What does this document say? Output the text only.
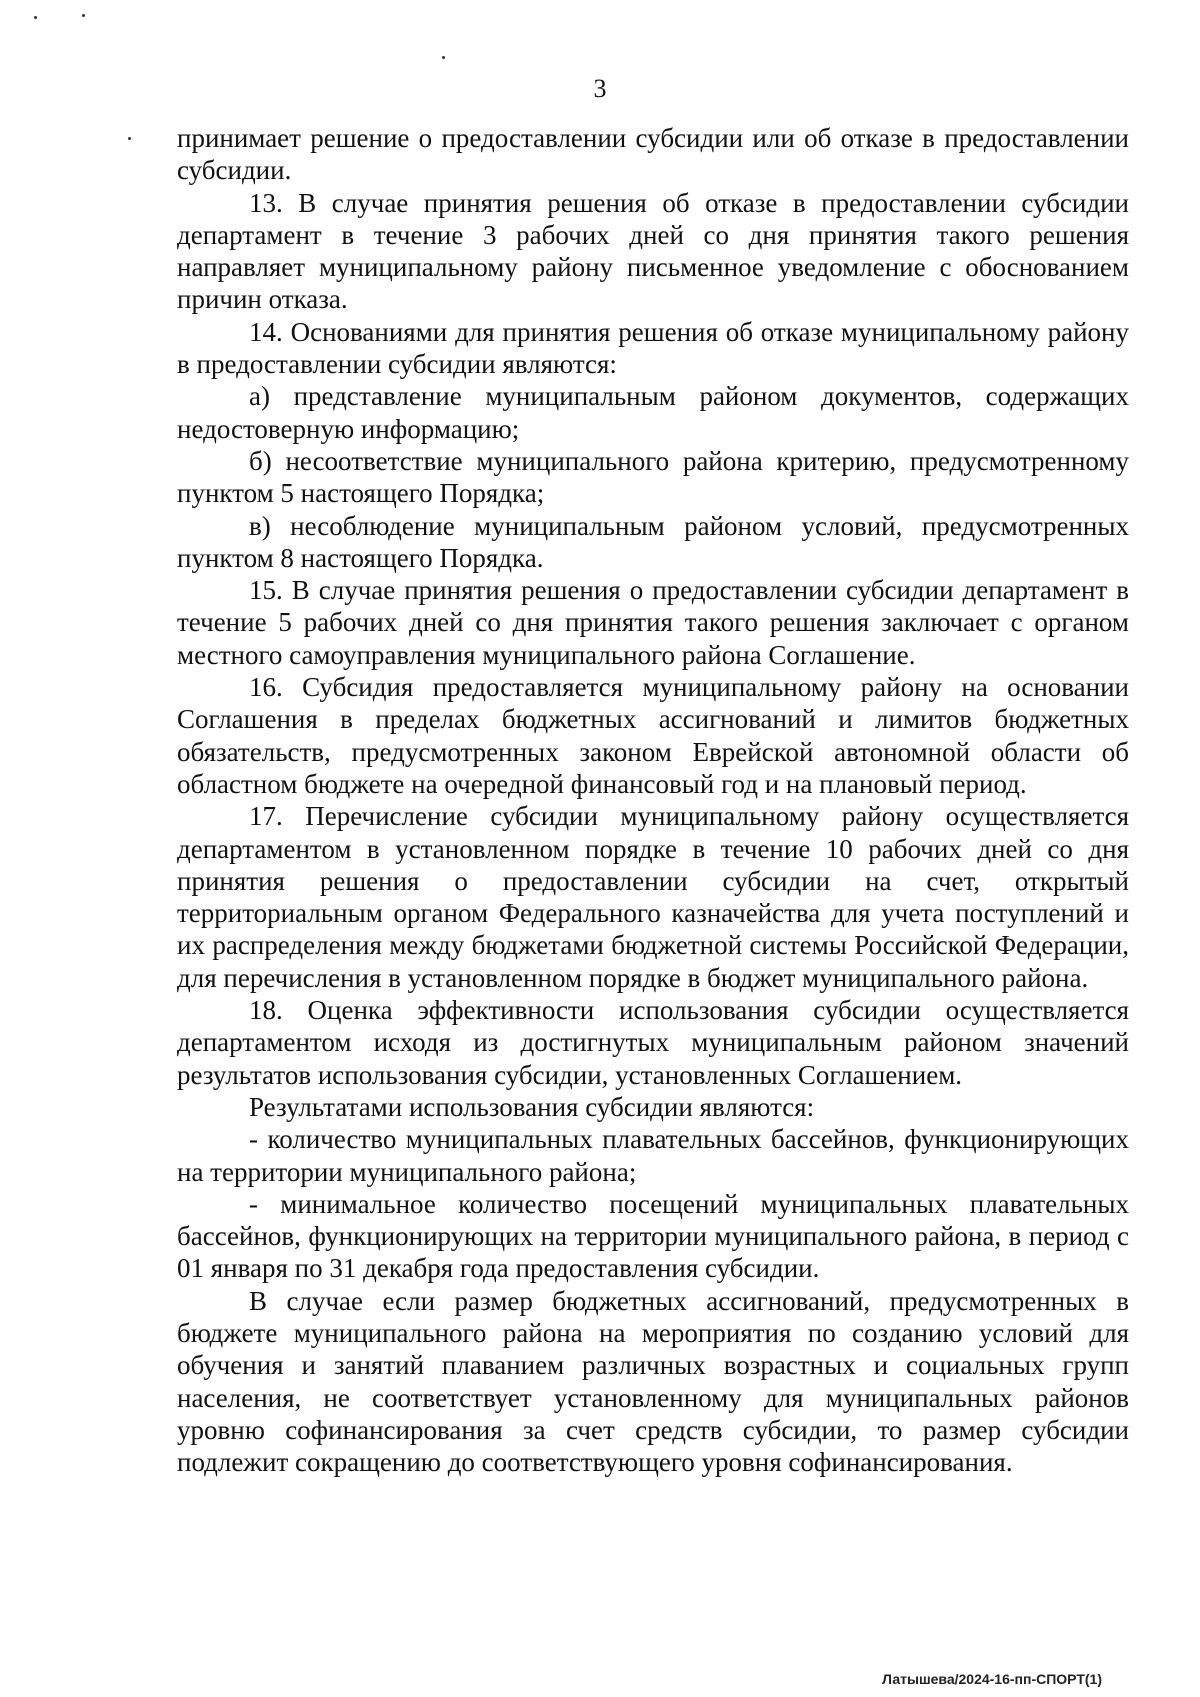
3

принимает решение о предоставлении субсидии или об отказе в предоставлении субсидии.

13. В случае принятия решения об отказе в предоставлении субсидии департамент в течение 3 рабочих дней со дня принятия такого решения направляет муниципальному району письменное уведомление с обоснованием причин отказа.

14. Основаниями для принятия решения об отказе муниципальному району в предоставлении субсидии являются:

а) представление муниципальным районом документов, содержащих недостоверную информацию;

б) несоответствие муниципального района критерию, предусмотренному пунктом 5 настоящего Порядка;

в) несоблюдение муниципальным районом условий, предусмотренных пунктом 8 настоящего Порядка.

15. В случае принятия решения о предоставлении субсидии департамент в течение 5 рабочих дней со дня принятия такого решения заключает с органом местного самоуправления муниципального района Соглашение.

16. Субсидия предоставляется муниципальному району на основании Соглашения в пределах бюджетных ассигнований и лимитов бюджетных обязательств, предусмотренных законом Еврейской автономной области об областном бюджете на очередной финансовый год и на плановый период.

17. Перечисление субсидии муниципальному району осуществляется департаментом в установленном порядке в течение 10 рабочих дней со дня принятия решения о предоставлении субсидии на счет, открытый территориальным органом Федерального казначейства для учета поступлений и их распределения между бюджетами бюджетной системы Российской Федерации, для перечисления в установленном порядке в бюджет муниципального района.

18. Оценка эффективности использования субсидии осуществляется департаментом исходя из достигнутых муниципальным районом значений результатов использования субсидии, установленных Соглашением.

Результатами использования субсидии являются:

- количество муниципальных плавательных бассейнов, функционирующих на территории муниципального района;

- минимальное количество посещений муниципальных плавательных бассейнов, функционирующих на территории муниципального района, в период с 01 января по 31 декабря года предоставления субсидии.

В случае если размер бюджетных ассигнований, предусмотренных в бюджете муниципального района на мероприятия по созданию условий для обучения и занятий плаванием различных возрастных и социальных групп населения, не соответствует установленному для муниципальных районов уровню софинансирования за счет средств субсидии, то размер субсидии подлежит сокращению до соответствующего уровня софинансирования.

Латышева/2024-16-пп-СПОРТ(1)
